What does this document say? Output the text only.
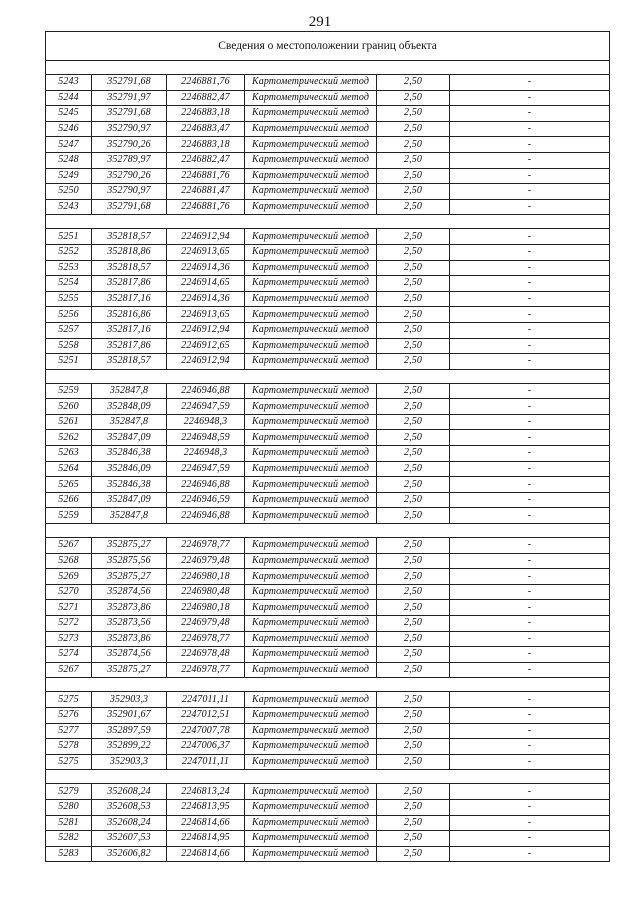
291
Сведения о местоположении границ объекта					

5243	352791,68	2246881,76	Картометрический метод	2,50	-
5244	352791,97	2246882,47	Картометрический метод	2,50	-
5245	352791,68	2246883,18	Картометрический метод	2,50	-
5246	352790,97	2246883,47	Картометрический метод	2,50	-
5247	352790,26	2246883,18	Картометрический метод	2,50	-
5248	352789,97	2246882,47	Картометрический метод	2,50	-
5249	352790,26	2246881,76	Картометрический метод	2,50	-
5250	352790,97	2246881,47	Картометрический метод	2,50	-
5243	352791,68	2246881,76	Картометрический метод	2,50	-

5251	352818,57	2246912,94	Картометрический метод	2,50	-
5252	352818,86	2246913,65	Картометрический метод	2,50	-
5253	352818,57	2246914,36	Картометрический метод	2,50	-
5254	352817,86	2246914,65	Картометрический метод	2,50	-
5255	352817,16	2246914,36	Картометрический метод	2,50	-
5256	352816,86	2246913,65	Картометрический метод	2,50	-
5257	352817,16	2246912,94	Картометрический метод	2,50	-
5258	352817,86	2246912,65	Картометрический метод	2,50	-
5251	352818,57	2246912,94	Картометрический метод	2,50	-

5259	352847,8	2246946,88	Картометрический метод	2,50	-
5260	352848,09	2246947,59	Картометрический метод	2,50	-
5261	352847,8	2246948,3	Картометрический метод	2,50	-
5262	352847,09	2246948,59	Картометрический метод	2,50	-
5263	352846,38	2246948,3	Картометрический метод	2,50	-
5264	352846,09	2246947,59	Картометрический метод	2,50	-
5265	352846,38	2246946,88	Картометрический метод	2,50	-
5266	352847,09	2246946,59	Картометрический метод	2,50	-
5259	352847,8	2246946,88	Картометрический метод	2,50	-

5267	352875,27	2246978,77	Картометрический метод	2,50	-
5268	352875,56	2246979,48	Картометрический метод	2,50	-
5269	352875,27	2246980,18	Картометрический метод	2,50	-
5270	352874,56	2246980,48	Картометрический метод	2,50	-
5271	352873,86	2246980,18	Картометрический метод	2,50	-
5272	352873,56	2246979,48	Картометрический метод	2,50	-
5273	352873,86	2246978,77	Картометрический метод	2,50	-
5274	352874,56	2246978,48	Картометрический метод	2,50	-
5267	352875,27	2246978,77	Картометрический метод	2,50	-

5275	352903,3	2247011,11	Картометрический метод	2,50	-
5276	352901,67	2247012,51	Картометрический метод	2,50	-
5277	352897,59	2247007,78	Картометрический метод	2,50	-
5278	352899,22	2247006,37	Картометрический метод	2,50	-
5275	352903,3	2247011,11	Картометрический метод	2,50	-

5279	352608,24	2246813,24	Картометрический метод	2,50	-
5280	352608,53	2246813,95	Картометрический метод	2,50	-
5281	352608,24	2246814,66	Картометрический метод	2,50	-
5282	352607,53	2246814,95	Картометрический метод	2,50	-
5283	352606,82	2246814,66	Картометрический метод	2,50	-
